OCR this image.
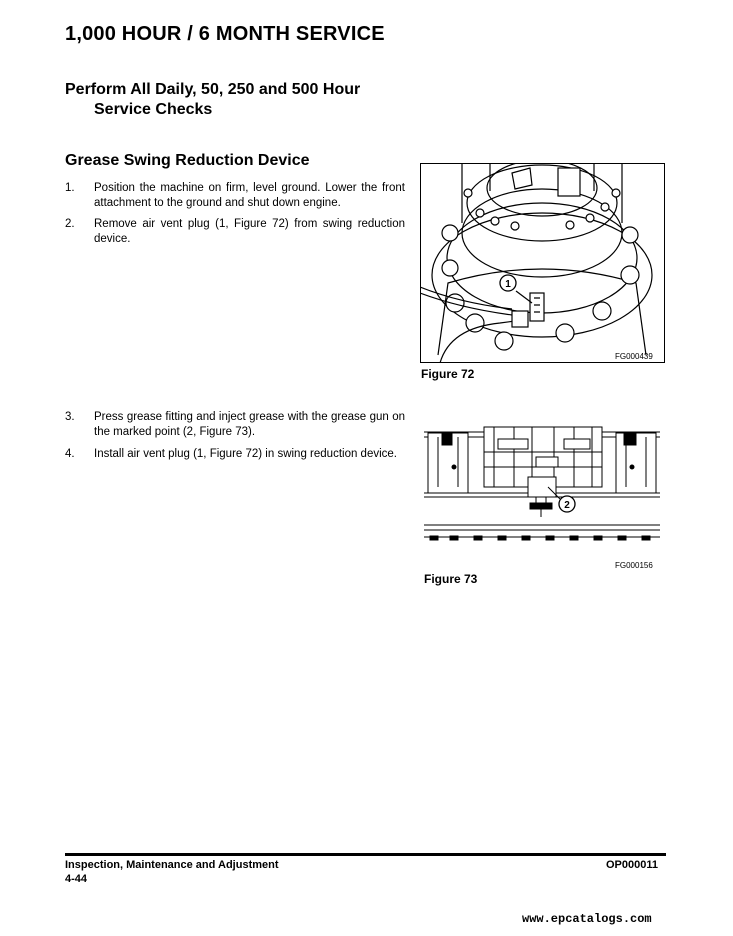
1,000 HOUR / 6 MONTH SERVICE
Perform All Daily, 50, 250 and 500 Hour
Service Checks
Grease Swing Reduction Device
1. Position the machine on firm, level ground. Lower the front attachment to the ground and shut down engine.
2. Remove air vent plug (1, Figure 72) from swing reduction device.
3. Press grease fitting and inject grease with the grease gun on the marked point (2, Figure 73).
4. Install air vent plug (1, Figure 72) in swing reduction device.
1
FG000439
Figure 72
2
FG000156
Figure 73
Inspection, Maintenance and Adjustment	OP000011
4-44
www.epcatalogs.com
